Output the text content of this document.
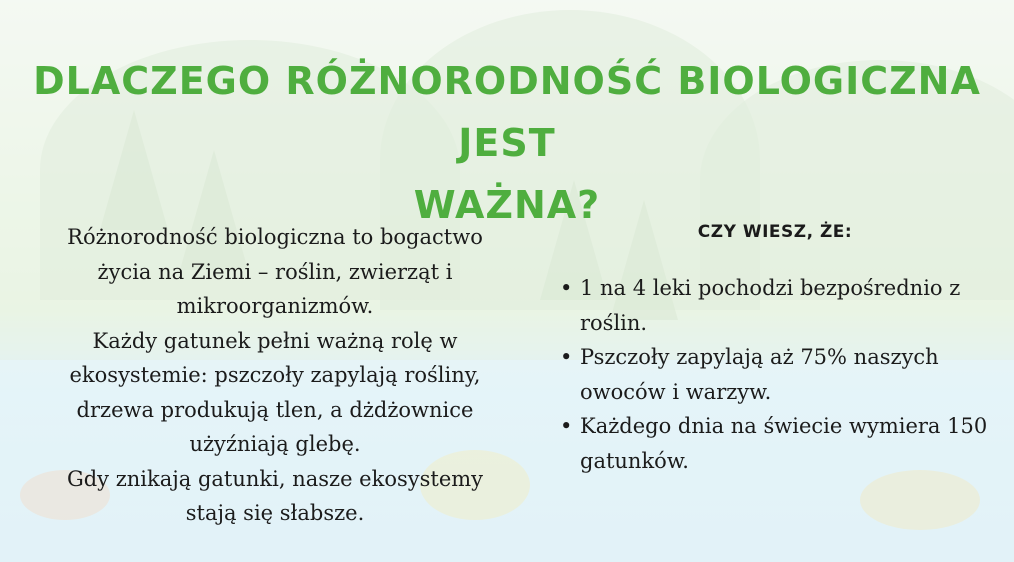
DLACZEGO RÓŻNORODNOŚĆ BIOLOGICZNA JEST
WAŻNA?

Różnorodność biologiczna to bogactwo życia na Ziemi – roślin, zwierząt i mikroorganizmów.

Każdy gatunek pełni ważną rolę w ekosystemie: pszczoły zapylają rośliny, drzewa produkują tlen, a dżdżownice użyźniają glebę.

Gdy znikają gatunki, nasze ekosystemy stają się słabsze.

CZY WIESZ, ŻE:
• 1 na 4 leki pochodzi bezpośrednio z roślin.
• Pszczoły zapylają aż 75% naszych owoców i warzyw.
• Każdego dnia na świecie wymiera 150 gatunków.
